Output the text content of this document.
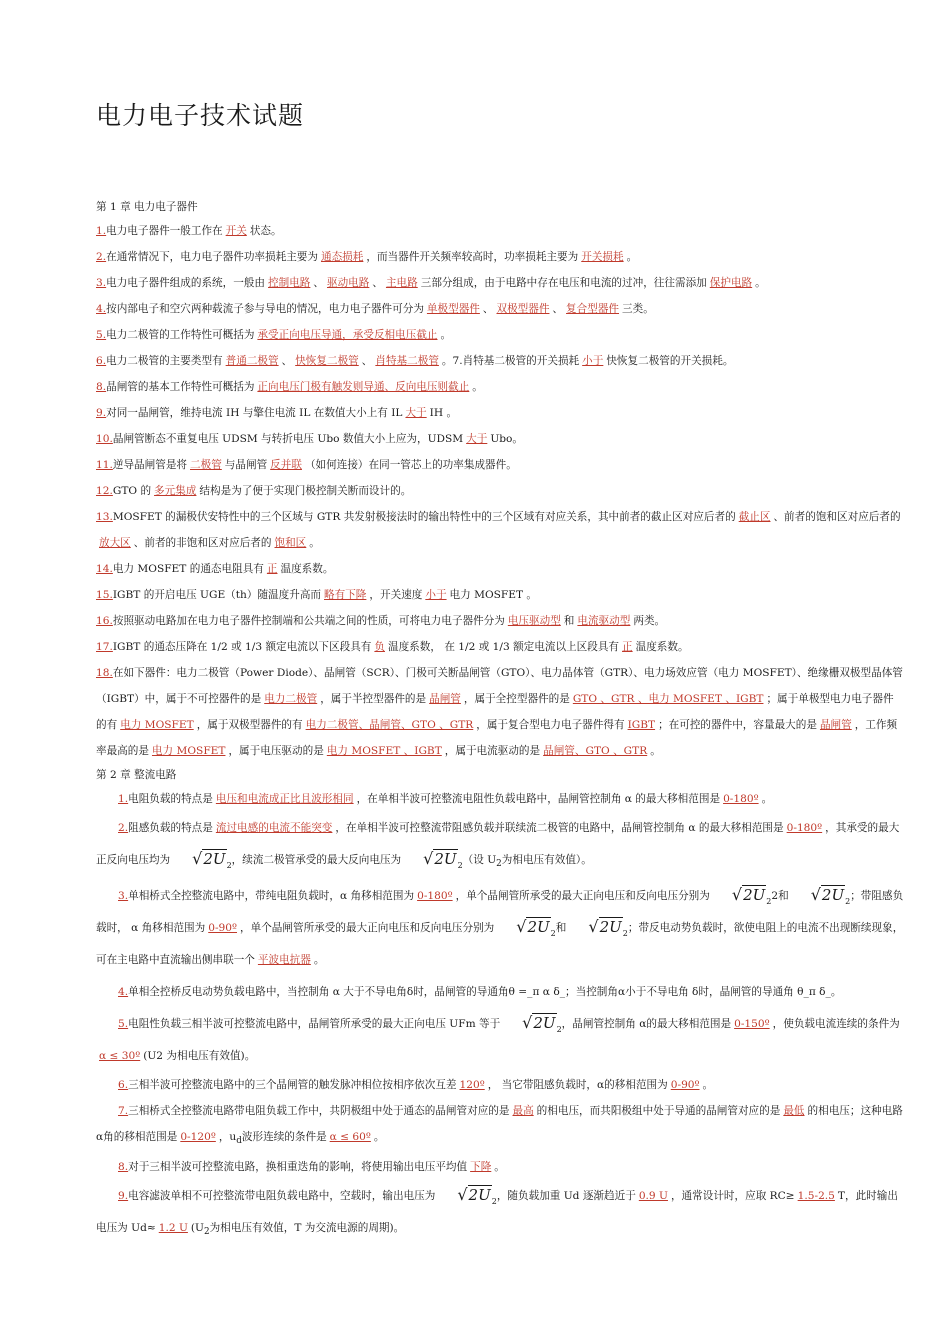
电力电子技术试题
第 1 章 电力电子器件

1.电力电子器件一般工作在 开关 状态。

2.在通常情况下，电力电子器件功率损耗主要为 通态损耗 ，而当器件开关频率较高时，功率损耗主要为 开关损耗 。

3.电力电子器件组成的系统，一般由 控制电路 、 驱动电路 、 主电路 三部分组成，由于电路中存在电压和电流的过冲，往往需添加 保护电路 。

4.按内部电子和空穴两种载流子参与导电的情况，电力电子器件可分为 单极型器件 、 双极型器件 、 复合型器件 三类。

5.电力二极管的工作特性可概括为 承受正向电压导通，承受反相电压截止 。

6.电力二极管的主要类型有 普通二极管 、 快恢复二极管 、 肖特基二极管 。7.肖特基二极管的开关损耗 小于 快恢复二极管的开关损耗。

8.晶闸管的基本工作特性可概括为 正向电压门极有触发则导通、反向电压则截止 。

9.对同一晶闸管，维持电流 IH 与擎住电流 IL 在数值大小上有 IL 大于 IH 。

10.晶闸管断态不重复电压 UDSM 与转折电压 Ubo 数值大小上应为，UDSM 大于 Ubo。

11.逆导晶闸管是将 二极管 与晶闸管 反并联 （如何连接）在同一管芯上的功率集成器件。

12.GTO 的 多元集成 结构是为了便于实现门极控制关断而设计的。

13.MOSFET 的漏极伏安特性中的三个区域与 GTR 共发射极接法时的输出特性中的三个区域有对应关系，其中前者的截止区对应后者的 截止区 、前者的饱和区对应后者的放大区 、前者的非饱和区对应后者的 饱和区 。

14.电力 MOSFET 的通态电阻具有 正 温度系数。

15.IGBT 的开启电压 UGE（th）随温度升高而 略有下降 ，开关速度 小于 电力 MOSFET 。

16.按照驱动电路加在电力电子器件控制端和公共端之间的性质，可将电力电子器件分为 电压驱动型 和 电流驱动型 两类。

17.IGBT 的通态压降在 1/2 或 1/3 额定电流以下区段具有 负 温度系数， 在 1/2 或 1/3 额定电流以上区段具有 正 温度系数。

18.在如下器件：电力二极管（Power Diode）、晶闸管（SCR）、门极可关断晶闸管（GTO）、电力晶体管（GTR）、电力场效应管（电力 MOSFET）、绝缘栅双极型晶体管（IGBT）中，属于不可控器件的是 电力二极管 ，属于半控型器件的是 晶闸管 ，属于全控型器件的是 GTO 、GTR 、电力 MOSFET 、IGBT ；属于单极型电力电子器件的有 电力 MOSFET ，属于双极型器件的有 电力二极管、晶闸管、GTO 、GTR ，属于复合型电力电子器件得有 IGBT ；在可控的器件中，容量最大的是 晶闸管 ，工作频率最高的是 电力 MOSFET ，属于电压驱动的是 电力 MOSFET 、IGBT ，属于电流驱动的是 晶闸管、GTO 、GTR 。

第 2 章 整流电路

1.电阻负载的特点是 电压和电流成正比且波形相同 ，在单相半波可控整流电阻性负载电路中，晶闸管控制角 α 的最大移相范围是 0-180º 。

2.阻感负载的特点是 流过电感的电流不能突变 ，在单相半波可控整流带阻感负载并联续流二极管的电路中，晶闸管控制角 α 的最大移相范围是 0-180º ，其承受的最大正反向电压均为 $√2U_2$，续流二极管承受的最大反向电压为 $√2U_2$（设 $U_2$为相电压有效值）。

3.单相桥式全控整流电路中，带纯电阻负载时，α 角移相范围为 0-180º ，单个晶闸管所承受的最大正向电压和反向电压分别为 $√2U_22$和 $√2U_2$；带阻感负载时， α 角移相范围为 0-90º ，单个晶闸管所承受的最大正向电压和反向电压分别为 $√2U_2$和 $√2U_2$；带反电动势负载时，欲使电阻上的电流不出现断续现象，可在主电路中直流输出侧串联一个 平波电抗器 。

4.单相全控桥反电动势负载电路中，当控制角 α 大于不导电角δ时，晶闸管的导通角θ =_π α δ_；当控制角α小于不导电角 δ时，晶闸管的导通角 θ_π δ_。

5.电阻性负载三相半波可控整流电路中，晶闸管所承受的最大正向电压 UFm 等于 $√2U_2$，晶闸管控制角 α的最大移相范围是 0-150º ，使负载电流连续的条件为α ≤ 30º (U2 为相电压有效值)。

6.三相半波可控整流电路中的三个晶闸管的触发脉冲相位按相序依次互差 120º ， 当它带阻感负载时，α的移相范围为 0-90º 。

7.三相桥式全控整流电路带电阻负载工作中，共阴极组中处于通态的晶闸管对应的是 最高 的相电压，而共阳极组中处于导通的晶闸管对应的是 最低 的相电压；这种电路 α角的移相范围是 0-120º ，$u_d$波形连续的条件是 α ≤ 60º 。

8.对于三相半波可控整流电路，换相重迭角的影响，将使用输出电压平均值 下降 。

9.电容滤波单相不可控整流带电阻负载电路中，空载时，输出电压为 $√2U_2$，随负载加重 Ud 逐渐趋近于 0.9 U ，通常设计时，应取 RC≥ 1.5-2.5 T，此时输出电压为 Ud≈ 1.2 U ($U_2$为相电压有效值，T 为交流电源的周期)。
